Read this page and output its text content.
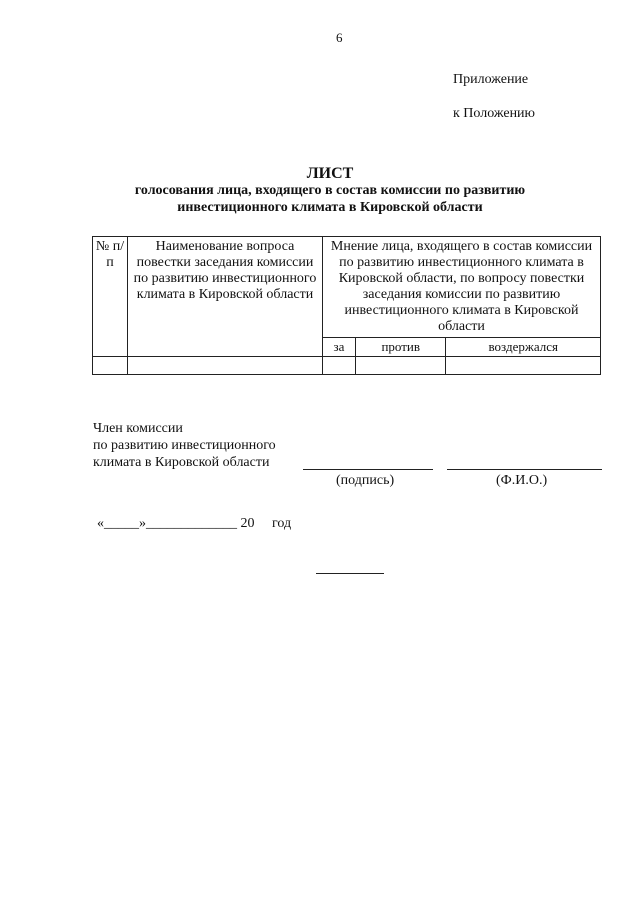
6
Приложение
к Положению
ЛИСТ
голосования лица, входящего в состав комиссии по развитию
инвестиционного климата в Кировской области
№ п/п	Наименование вопроса повестки заседания комиссии по развитию инвестиционного климата в Кировской области	Мнение лица, входящего в состав комиссии по развитию инвестиционного климата в Кировской области, по вопросу повестки заседания комиссии по развитию инвестиционного климата в Кировской области		
		за	против	воздержался

Член комиссии
по развитию инвестиционного
климата в Кировской области
(подпись)	(Ф.И.О.)
«_____»_____________ 20     год
